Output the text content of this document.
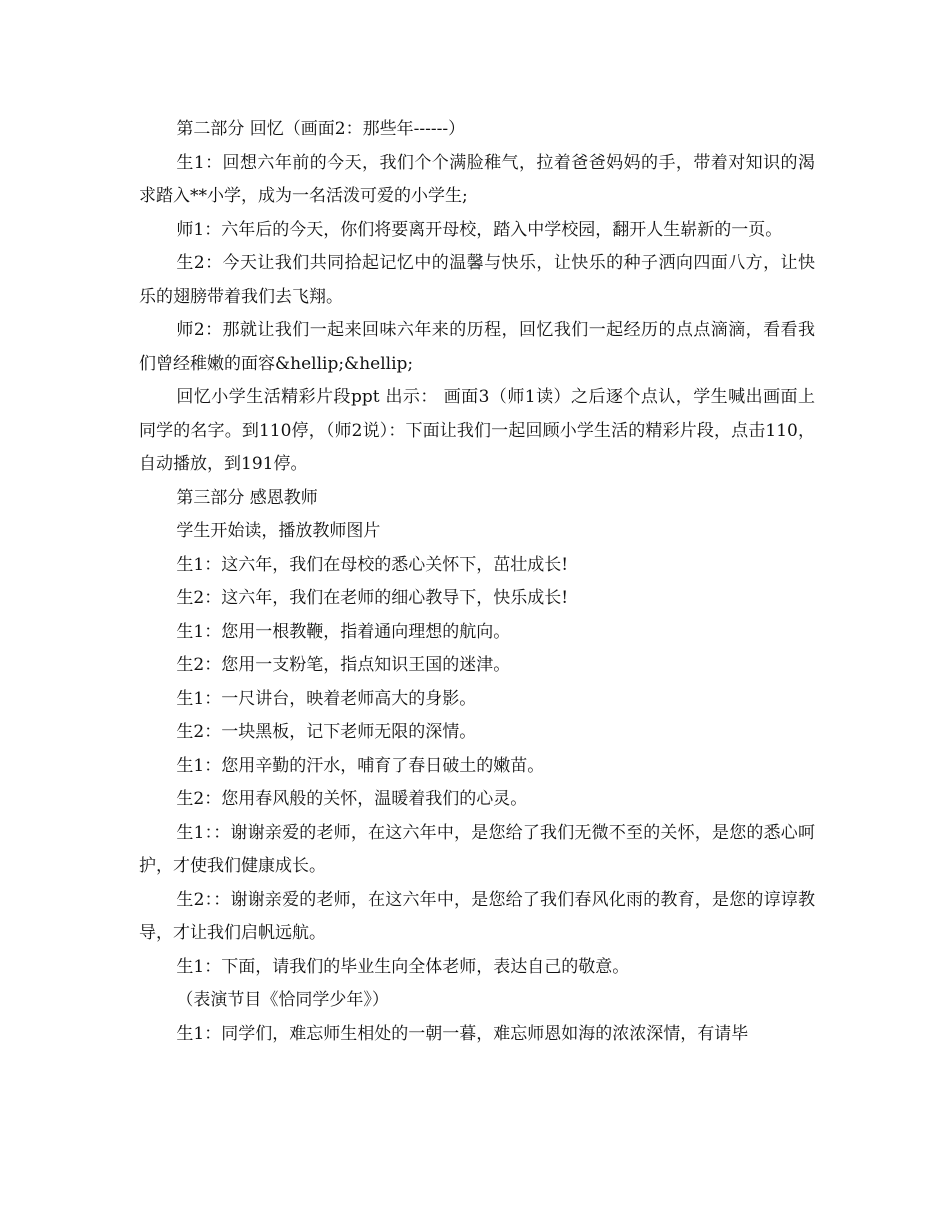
第二部分 回忆（画面2：那些年------）

生1：回想六年前的今天，我们个个满脸稚气，拉着爸爸妈妈的手，带着对知识的渴求踏入**小学，成为一名活泼可爱的小学生;

师1：六年后的今天，你们将要离开母校，踏入中学校园，翻开人生崭新的一页。

生2：今天让我们共同拾起记忆中的温馨与快乐，让快乐的种子洒向四面八方，让快乐的翅膀带着我们去飞翔。

师2：那就让我们一起来回味六年来的历程，回忆我们一起经历的点点滴滴，看看我们曾经稚嫩的面容&hellip;&hellip;

回忆小学生活精彩片段ppt 出示： 画面3（师1读）之后逐个点认，学生喊出画面上同学的名字。到110停，（师2说）：下面让我们一起回顾小学生活的精彩片段，点击110，自动播放，到191停。

第三部分 感恩教师

学生开始读，播放教师图片

生1：这六年，我们在母校的悉心关怀下，茁壮成长!

生2：这六年，我们在老师的细心教导下，快乐成长!

生1：您用一根教鞭，指着通向理想的航向。

生2：您用一支粉笔，指点知识王国的迷津。

生1：一尺讲台，映着老师高大的身影。

生2：一块黑板，记下老师无限的深情。

生1：您用辛勤的汗水，哺育了春日破土的嫩苗。

生2：您用春风般的关怀，温暖着我们的心灵。

生1：：谢谢亲爱的老师，在这六年中，是您给了我们无微不至的关怀，是您的悉心呵护，才使我们健康成长。

生2：：谢谢亲爱的老师，在这六年中，是您给了我们春风化雨的教育，是您的谆谆教导，才让我们启帆远航。

生1：下面，请我们的毕业生向全体老师，表达自己的敬意。

（表演节目《恰同学少年》）

生1：同学们，难忘师生相处的一朝一暮，难忘师恩如海的浓浓深情，有请毕
